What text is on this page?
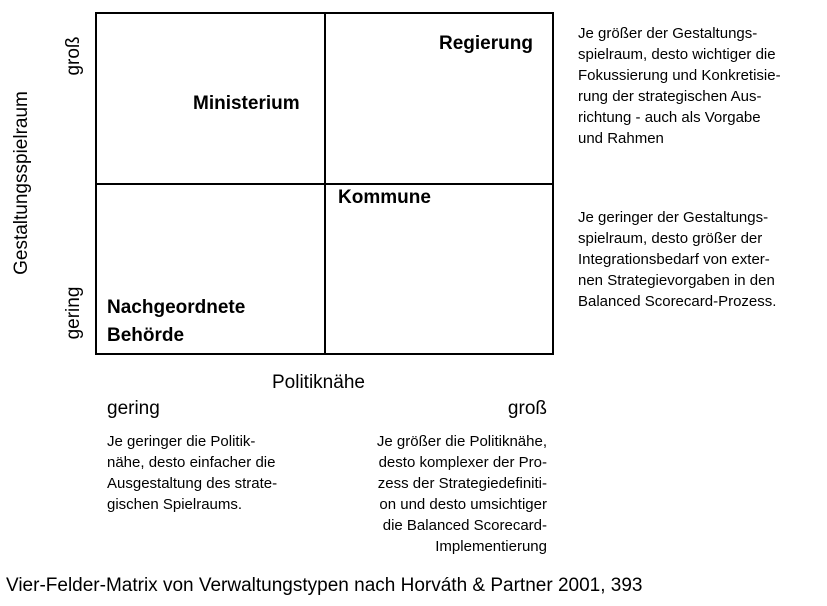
Gestaltungsspielraum
groß
gering
Ministerium
Regierung
Kommune
Nachgeordnete
Behörde
Je größer der Gestaltungs-
spielraum, desto wichtiger die
Fokussierung und Konkretisie-
rung der strategischen Aus-
richtung - auch als Vorgabe
und Rahmen
Je geringer der Gestaltungs-
spielraum, desto größer der
Integrationsbedarf von exter-
nen Strategievorgaben in den
Balanced Scorecard-Prozess.
Politiknähe
gering	groß
Je geringer die Politik-
nähe, desto einfacher die
Ausgestaltung des strate-
gischen Spielraums.
Je größer die Politiknähe,
desto komplexer der Pro-
zess der Strategiedefiniti-
on und desto umsichtiger
die Balanced Scorecard-
Implementierung
Vier-Felder-Matrix von Verwaltungstypen nach Horváth & Partner 2001, 393
